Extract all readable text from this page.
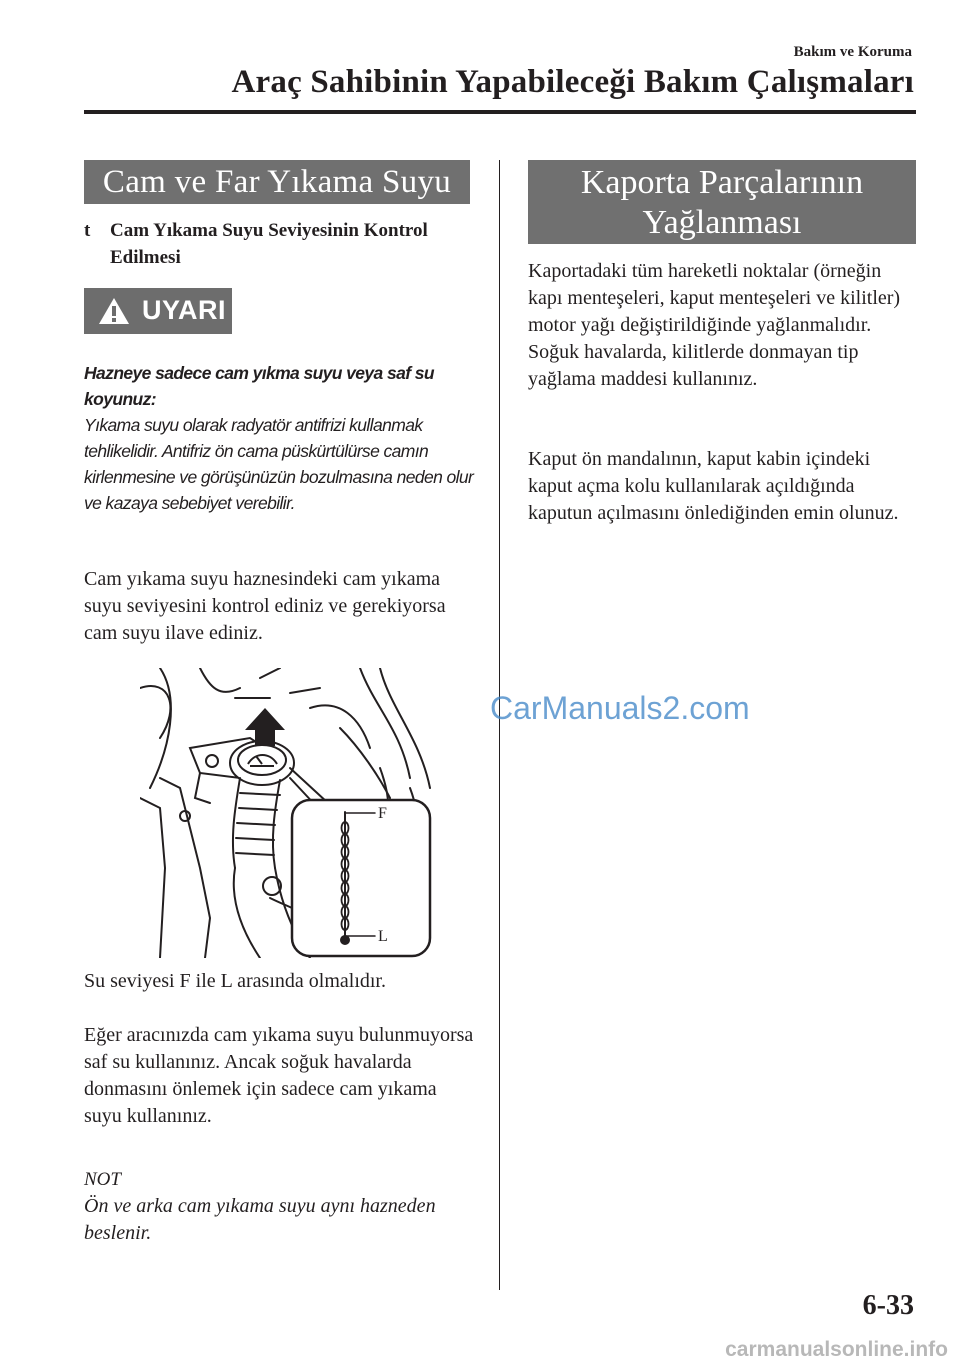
Bakım ve Koruma
Araç Sahibinin Yapabileceği Bakım Çalışmaları
Cam ve Far Yıkama Suyu
t Cam Yıkama Suyu Seviyesinin Kontrol Edilmesi
UYARI
Hazneye sadece cam yıkma suyu veya saf su koyunuz:
Yıkama suyu olarak radyatör antifrizi kullanmak tehlikelidir. Antifriz ön cama püskürtülürse camın kirlenmesine ve görüşünüzün bozulmasına neden olur ve kazaya sebebiyet verebilir.

Cam yıkama suyu haznesindeki cam yıkama suyu seviyesini kontrol ediniz ve gerekiyorsa cam suyu ilave ediniz.

F
L

Su seviyesi F ile L arasında olmalıdır.

Eğer aracınızda cam yıkama suyu bulunmuyorsa saf su kullanınız. Ancak soğuk havalarda donmasını önlemek için sadece cam yıkama suyu kullanınız.

NOT

Ön ve arka cam yıkama suyu aynı hazneden beslenir.

Kaporta Parçalarının Yağlanması

Kaportadaki tüm hareketli noktalar (örneğin kapı menteşeleri, kaput menteşeleri ve kilitler) motor yağı değiştirildiğinde yağlanmalıdır. Soğuk havalarda, kilitlerde donmayan tip yağlama maddesi kullanınız.

Kaput ön mandalının, kaput kabin içindeki kaput açma kolu kullanılarak açıldığında kaputun açılmasını önlediğinden emin olunuz.

CarManuals2.com
6-33
carmanualsonline.info
